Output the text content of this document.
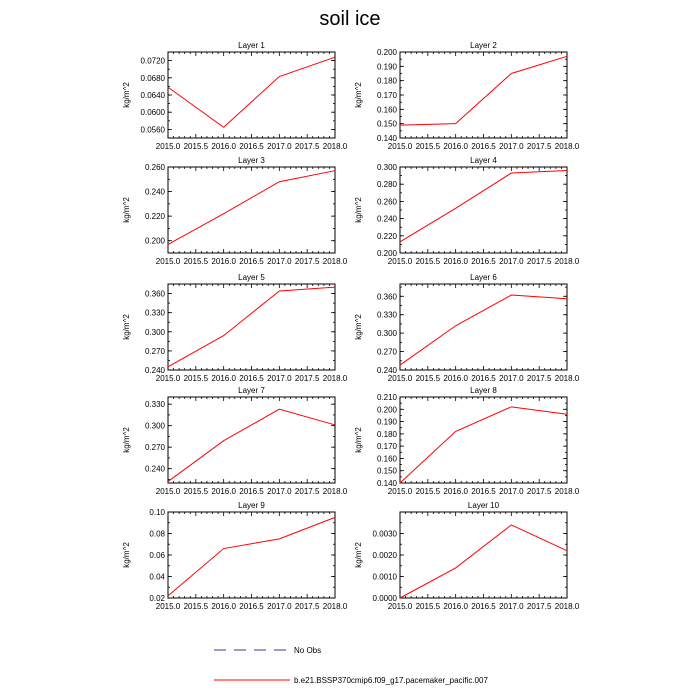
soil ice
Layer 1
kg/m^2
2015.0 2015.5 2016.0 2016.5 2017.0 2017.5 2018.0
0.0560
0.0600
0.0640
0.0680
0.0720
Layer 2
kg/m^2
2015.0 2015.5 2016.0 2016.5 2017.0 2017.5 2018.0
0.140
0.150
0.160
0.170
0.180
0.190
0.200
Layer 3
kg/m^2
2015.0 2015.5 2016.0 2016.5 2017.0 2017.5 2018.0
0.200
0.220
0.240
0.260
Layer 4
kg/m^2
2015.0 2015.5 2016.0 2016.5 2017.0 2017.5 2018.0
0.200
0.220
0.240
0.260
0.280
0.300
Layer 5
kg/m^2
2015.0 2015.5 2016.0 2016.5 2017.0 2017.5 2018.0
0.240
0.270
0.300
0.330
0.360
Layer 6
kg/m^2
2015.0 2015.5 2016.0 2016.5 2017.0 2017.5 2018.0
0.240
0.270
0.300
0.330
0.360
Layer 7
kg/m^2
2015.0 2015.5 2016.0 2016.5 2017.0 2017.5 2018.0
0.240
0.270
0.300
0.330
Layer 8
kg/m^2
2015.0 2015.5 2016.0 2016.5 2017.0 2017.5 2018.0
0.140
0.150
0.160
0.170
0.180
0.190
0.200
0.210
Layer 9
kg/m^2
2015.0 2015.5 2016.0 2016.5 2017.0 2017.5 2018.0
0.02
0.04
0.06
0.08
0.10
Layer 10
kg/m^2
2015.0 2015.5 2016.0 2016.5 2017.0 2017.5 2018.0
0.0000
0.0010
0.0020
0.0030
No Obs
b.e21.BSSP370cmip6.f09_g17.pacemaker_pacific.007
